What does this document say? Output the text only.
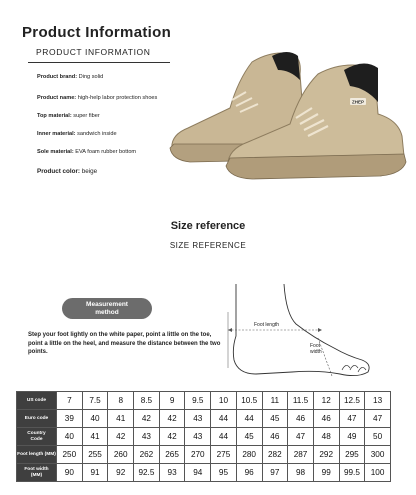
Product Information
PRODUCT INFORMATION
Product brand: Ding solid
Product name: high-help labor protection shoes
Top material: super fiber
Inner material: sandwich inside
Sole material: EVA foam rubber bottom
Product color: beige
ZHEP
Size reference
SIZE REFERENCE
Measurement
method
Step your foot lightly on the white paper, point a little on the toe, point a little on the heel, and measure the distance between the two points.
Foot length
Foot
width
US code	7	7.5	8	8.5	9	9.5	10	10.5	11	11.5	12	12.5	13

Euro code	39	40	41	42	42	43	44	44	45	46	46	47	47

Country
Code	40	41	42	43	42	43	44	45	46	47	48	49	50

Foot length (MM)	250	255	260	262	265	270	275	280	282	287	292	295	300

Foot width
(MM)	90	91	92	92.5	93	94	95	96	97	98	99	99.5	100
